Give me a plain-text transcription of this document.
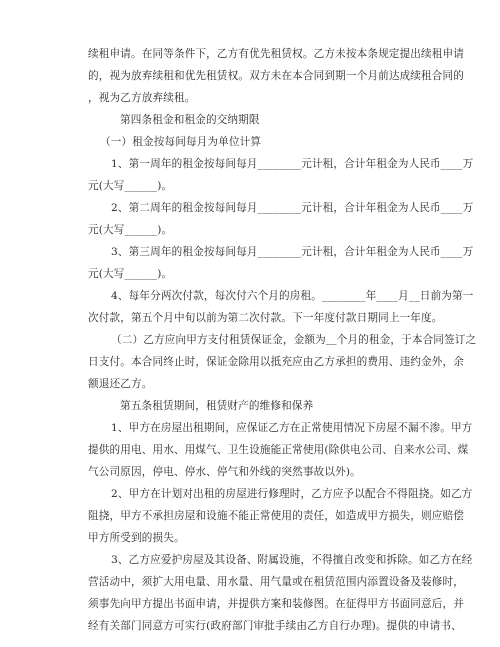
续租申请。在同等条件下，乙方有优先租赁权。乙方未按本条规定提出续租申请
的，视为放弃续租和优先租赁权。双方未在本合同到期一个月前达成续租合同的
，视为乙方放弃续租。
第四条租金和租金的交纳期限
（一）租金按每间每月为单位计算
1、第一周年的租金按每间每月________元计租，合计年租金为人民币____万
元(大写______)。
2、第二周年的租金按每间每月________元计租，合计年租金为人民币____万
元(大写______)。
3、第三周年的租金按每间每月________元计租，合计年租金为人民币____万
元(大写______)。
4、每年分两次付款，每次付六个月的房租。________年____月__日前为第一
次付款，第五个月中旬以前为第二次付款。下一年度付款日期同上一年度。
（二）乙方应向甲方支付租赁保证金，金额为＿个月的租金，于本合同签订之
日支付。本合同终止时，保证金除用以抵充应由乙方承担的费用、违约金外，余
额退还乙方。
第五条租赁期间，租赁财产的维修和保养
1、甲方在房屋出租期间，应保证乙方在正常使用情况下房屋不漏不渗。甲方
提供的用电、用水、用煤气、卫生设施能正常使用(除供电公司、自来水公司、煤
气公司原因，停电、停水、停气和外线的突然事故以外)。
2、甲方在计划对出租的房屋进行修理时，乙方应予以配合不得阻挠。如乙方
阻挠，甲方不承担房屋和设施不能正常使用的责任，如造成甲方损失，则应赔偿
甲方所受到的损失。
3、乙方应爱护房屋及其设备、附属设施，不得擅自改变和拆除。如乙方在经
营活动中，须扩大用电量、用水量、用气量或在租赁范围内添置设备及装修时，
须事先向甲方提出书面申请，并提供方案和装修图。在征得甲方书面同意后，并
经有关部门同意方可实行(政府部门审批手续由乙方自行办理)。提供的申请书、
